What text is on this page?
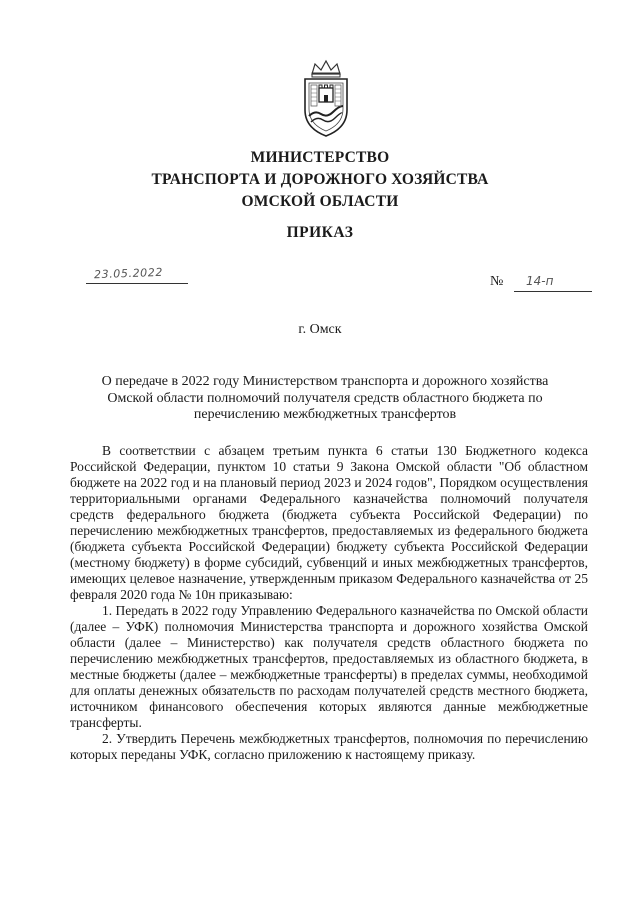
МИНИСТЕРСТВО
ТРАНСПОРТА И ДОРОЖНОГО ХОЗЯЙСТВА
ОМСКОЙ ОБЛАСТИ
ПРИКАЗ
23.05.2022
№ 14-п
г. Омск
О передаче в 2022 году Министерством транспорта и дорожного хозяйства Омской области полномочий получателя средств областного бюджета по перечислению межбюджетных трансфертов

В соответствии с абзацем третьим пункта 6 статьи 130 Бюджетного кодекса Российской Федерации, пунктом 10 статьи 9 Закона Омской области "Об областном бюджете на 2022 год и на плановый период 2023 и 2024 годов", Порядком осуществления территориальными органами Федерального казначейства полномочий получателя средств федерального бюджета (бюджета субъекта Российской Федерации) по перечислению межбюджетных трансфертов, предоставляемых из федерального бюджета (бюджета субъекта Российской Федерации) бюджету субъекта Российской Федерации (местному бюджету) в форме субсидий, субвенций и иных межбюджетных трансфертов, имеющих целевое назначение, утвержденным приказом Федерального казначейства от 25 февраля 2020 года № 10н приказываю:

1. Передать в 2022 году Управлению Федерального казначейства по Омской области (далее – УФК) полномочия Министерства транспорта и дорожного хозяйства Омской области (далее – Министерство) как получателя средств областного бюджета по перечислению межбюджетных трансфертов, предоставляемых из областного бюджета, в местные бюджеты (далее – межбюджетные трансферты) в пределах суммы, необходимой для оплаты денежных обязательств по расходам получателей средств местного бюджета, источником финансового обеспечения которых являются данные межбюджетные трансферты.

2. Утвердить Перечень межбюджетных трансфертов, полномочия по перечислению которых переданы УФК, согласно приложению к настоящему приказу.
